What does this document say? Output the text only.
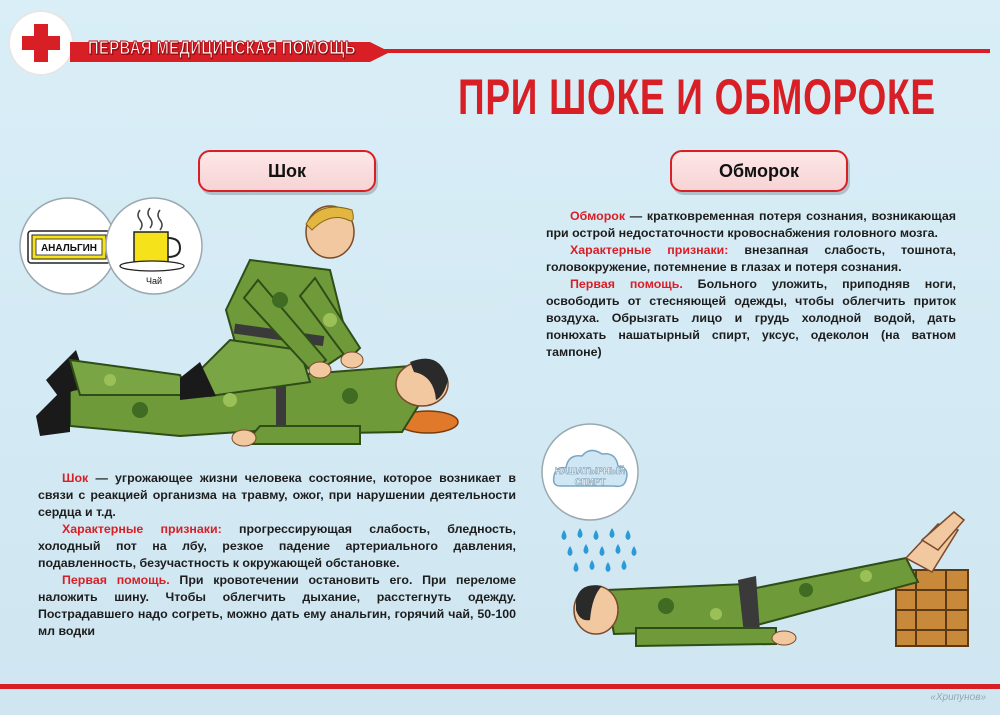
ПЕРВАЯ МЕДИЦИНСКАЯ ПОМОЩЬ
ПРИ ШОКЕ И ОБМОРОКЕ
Шок	Обморок
АНАЛЬГИН
Чай
НАШАТЫРНЫЙ
СПИРТ

Шок — угрожающее жизни человека состояние, которое возникает в связи с реакцией организма на травму, ожог, при нарушении деятельности сердца и т.д.

Характерные признаки: прогрессирующая слабость, бледность, холодный пот на лбу, резкое падение артериального давления, подавленность, безучастность к окружающей обстановке.

Первая помощь. При кровотечении остановить его. При переломе наложить шину. Чтобы облегчить дыхание, расстегнуть одежду. Пострадавшего надо согреть, можно дать ему анальгин, горячий чай, 50-100 мл водки

Обморок — кратковременная потеря сознания, возникающая при острой недостаточности кровоснабжения головного мозга.

Характерные признаки: внезапная слабость, тошнота, головокружение, потемнение в глазах и потеря сознания.

Первая помощь. Больного уложить, приподняв ноги, освободить от стесняющей одежды, чтобы облегчить приток воздуха. Обрызгать лицо и грудь холодной водой, дать понюхать нашатырный спирт, уксус, одеколон (на ватном тампоне)

«Хрипунов»
